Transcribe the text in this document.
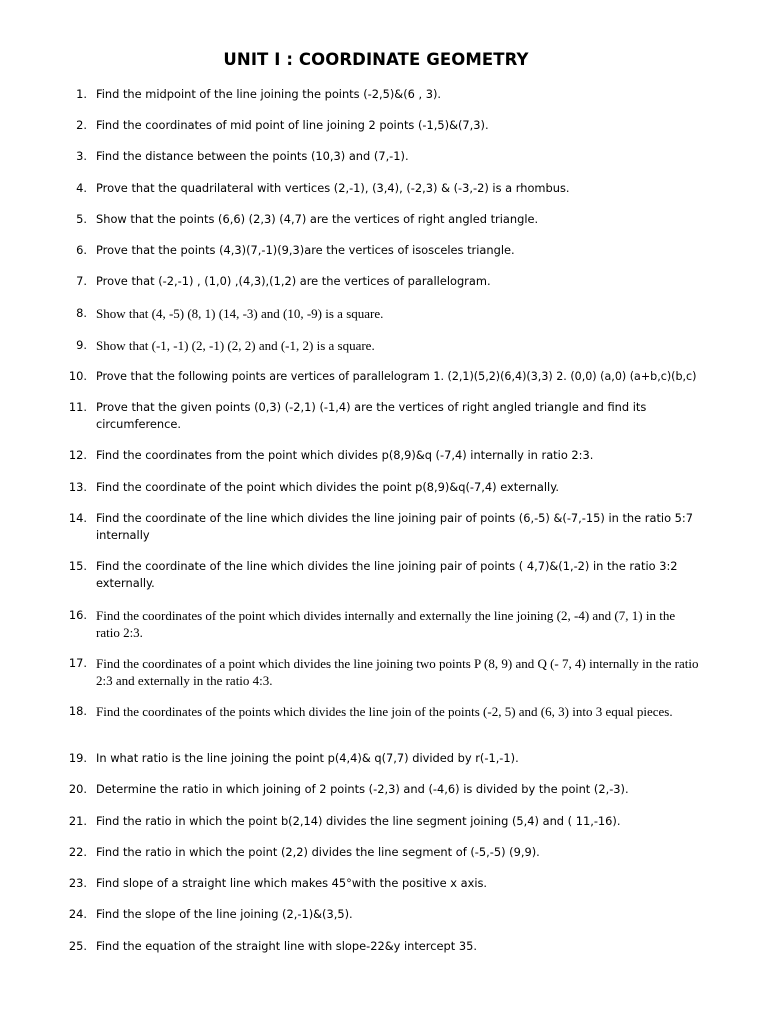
UNIT I : COORDINATE GEOMETRY
1. Find the midpoint of the line joining the points (-2,5)&(6 , 3).
2. Find the coordinates of mid point of line joining 2 points (-1,5)&(7,3).
3. Find the distance between the points (10,3) and (7,-1).
4. Prove that the quadrilateral with vertices (2,-1), (3,4), (-2,3) & (-3,-2) is a rhombus.
5. Show that the points (6,6) (2,3) (4,7) are the vertices of right angled triangle.
6. Prove that the points (4,3)(7,-1)(9,3)are the vertices of isosceles triangle.
7. Prove that (-2,-1) , (1,0) ,(4,3),(1,2) are the vertices of parallelogram.
8. Show that (4, -5) (8, 1) (14, -3) and (10, -9) is a square.
9. Show that (-1, -1) (2, -1) (2, 2) and (-1, 2) is a square.
10. Prove that the following points are vertices of parallelogram 1. (2,1)(5,2)(6,4)(3,3) 2. (0,0) (a,0) (a+b,c)(b,c)
11. Prove that the given points (0,3) (-2,1) (-1,4) are the vertices of right angled triangle and find its circumference.
12. Find the coordinates from the point which divides p(8,9)&q (-7,4) internally in ratio 2:3.
13. Find the coordinate of the point which divides the point p(8,9)&q(-7,4) externally.
14. Find the coordinate of the line which divides the line joining pair of points (6,-5) &(-7,-15) in the ratio 5:7 internally
15. Find the coordinate of the line which divides the line joining pair of points ( 4,7)&(1,-2) in the ratio 3:2 externally.
16. Find the coordinates of the point which divides internally and externally the line joining (2, -4) and (7, 1) in the ratio 2:3.
17. Find the coordinates of a point which divides the line joining two points P (8, 9) and Q (- 7, 4) internally in the ratio 2:3 and externally in the ratio 4:3.
18. Find the coordinates of the points which divides the line join of the points (-2, 5) and (6, 3) into 3 equal pieces.
19. In what ratio is the line joining the point p(4,4)& q(7,7) divided by r(-1,-1).
20. Determine the ratio in which joining of 2 points (-2,3) and (-4,6) is divided by the point (2,-3).
21. Find the ratio in which the point b(2,14) divides the line segment joining (5,4) and ( 11,-16).
22. Find the ratio in which the point (2,2) divides the line segment of (-5,-5) (9,9).
23. Find slope of a straight line which makes 45°with the positive x axis.
24. Find the slope of the line joining (2,-1)&(3,5).
25. Find the equation of the straight line with slope-22&y intercept 35.
